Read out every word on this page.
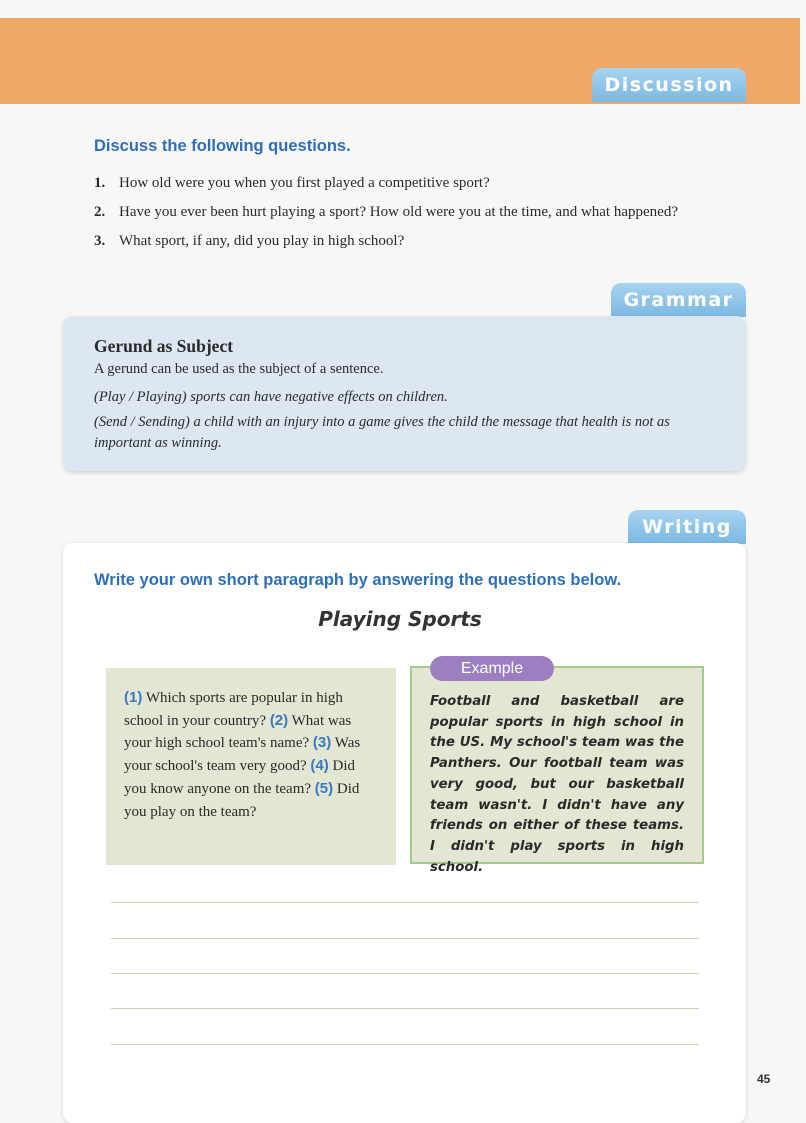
Discussion
Discuss the following questions.
1. How old were you when you first played a competitive sport?
2. Have you ever been hurt playing a sport? How old were you at the time, and what happened?
3. What sport, if any, did you play in high school?
Grammar
Gerund as Subject
A gerund can be used as the subject of a sentence.
(Play / Playing) sports can have negative effects on children.
(Send / Sending) a child with an injury into a game gives the child the message that health is not as important as winning.
Writing
Write your own short paragraph by answering the questions below.
Playing Sports
(1) Which sports are popular in high school in your country? (2) What was your high school team's name? (3) Was your school's team very good? (4) Did you know anyone on the team? (5) Did you play on the team?
Football and basketball are popular sports in high school in the US. My school's team was the Panthers. Our football team was very good, but our basketball team wasn't. I didn't have any friends on either of these teams. I didn't play sports in high school.
Example
45
